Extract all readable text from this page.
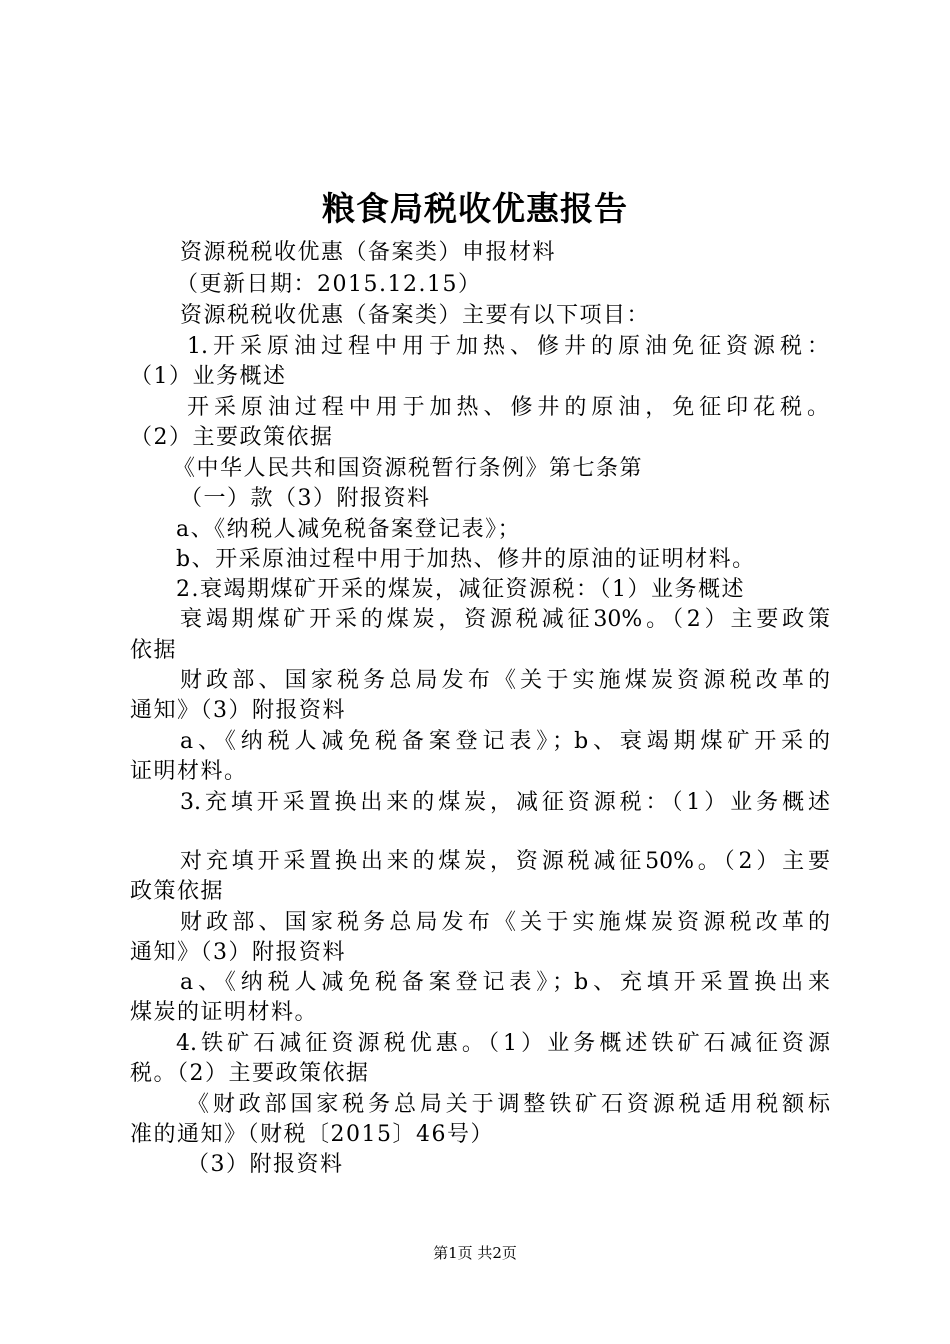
粮食局税收优惠报告

资源税税收优惠（备案类）申报材料

（更新日期：2015.12.15）

资源税税收优惠（备案类）主要有以下项目：

1.开采原油过程中用于加热、修井的原油免征资源税：

（1）业务概述

开采原油过程中用于加热、修井的原油，免征印花税。

（2）主要政策依据

《中华人民共和国资源税暂行条例》第七条第

（一）款（3）附报资料

a、《纳税人减免税备案登记表》；

b、开采原油过程中用于加热、修井的原油的证明材料。

2.衰竭期煤矿开采的煤炭，减征资源税：（1）业务概述

衰竭期煤矿开采的煤炭，资源税减征30%。（2）主要政策

依据

财政部、国家税务总局发布《关于实施煤炭资源税改革的

通知》（3）附报资料

a、《纳税人减免税备案登记表》；b、衰竭期煤矿开采的

证明材料。

3.充填开采置换出来的煤炭，减征资源税：（1）业务概述

对充填开采置换出来的煤炭，资源税减征50%。（2）主要

政策依据

财政部、国家税务总局发布《关于实施煤炭资源税改革的

通知》（3）附报资料

a、《纳税人减免税备案登记表》；b、充填开采置换出来

煤炭的证明材料。

4.铁矿石减征资源税优惠。（1）业务概述铁矿石减征资源

税。（2）主要政策依据

《财政部国家税务总局关于调整铁矿石资源税适用税额标

准的通知》（财税〔2015〕46号）

（3）附报资料

第1页 共2页
